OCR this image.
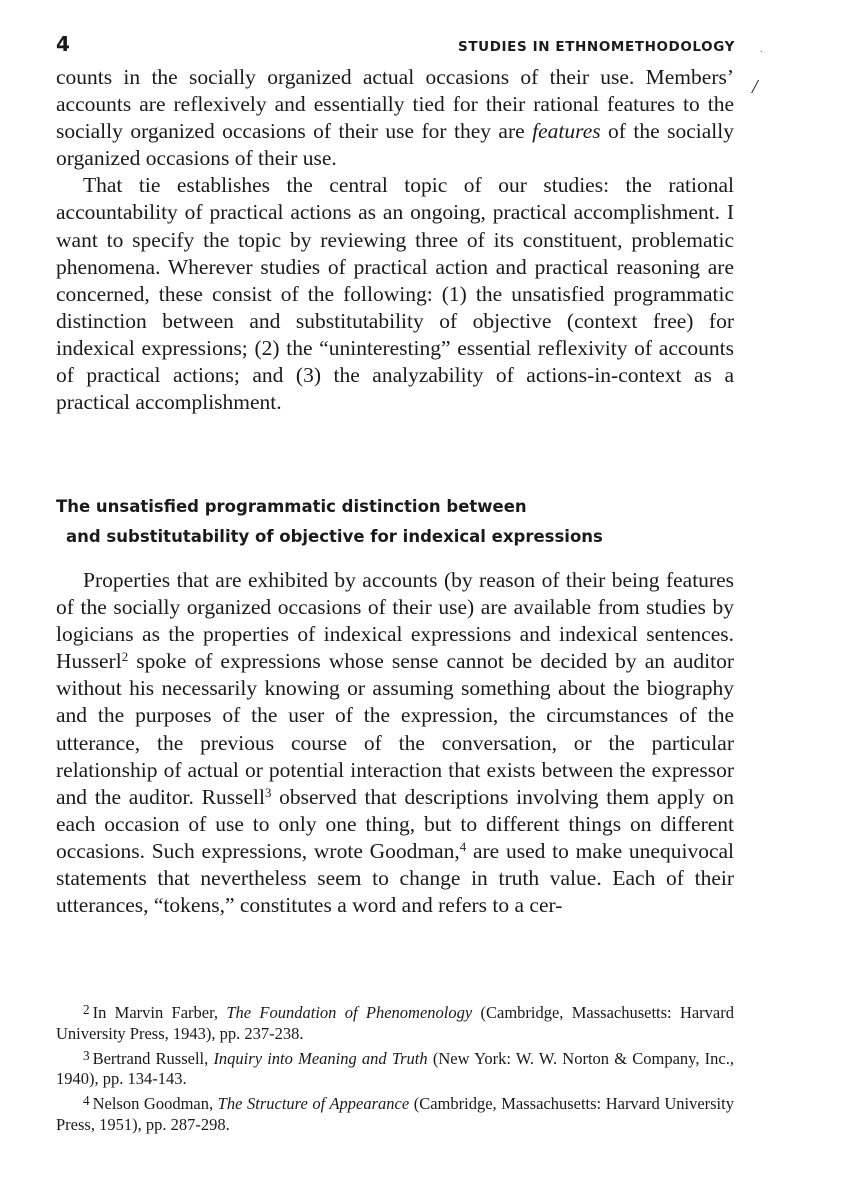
4	STUDIES IN ETHNOMETHODOLOGY	.
/

counts in the socially organized actual occasions of their use. Members’ accounts are reflexively and essentially tied for their rational features to the socially organized occasions of their use for they are features of the socially organized occasions of their use.

That tie establishes the central topic of our studies: the rational accountability of practical actions as an ongoing, practical accomplishment. I want to specify the topic by reviewing three of its constituent, problematic phenomena. Wherever studies of practical action and practical reasoning are concerned, these consist of the following: (1) the unsatisfied programmatic distinction between and substitutability of objective (context free) for indexical expressions; (2) the “uninteresting” essential reflexivity of accounts of practical actions; and (3) the analyzability of actions-in-context as a practical accomplishment.

The unsatisfied programmatic distinction between
and substitutability of objective for indexical expressions

Properties that are exhibited by accounts (by reason of their being features of the socially organized occasions of their use) are available from studies by logicians as the properties of indexical expressions and indexical sentences. Husserl$^2$ spoke of expressions whose sense cannot be decided by an auditor without his necessarily knowing or assuming something about the biography and the purposes of the user of the expression, the circumstances of the utterance, the previous course of the conversation, or the particular relationship of actual or potential interaction that exists between the expressor and the auditor. Russell$^3$ observed that descriptions involving them apply on each occasion of use to only one thing, but to different things on different occasions. Such expressions, wrote Goodman,$^4$ are used to make unequivocal statements that nevertheless seem to change in truth value. Each of their utterances, “tokens,” constitutes a word and refers to a cer-

$^2$ In Marvin Farber, The Foundation of Phenomenology (Cambridge, Massachusetts: Harvard University Press, 1943), pp. 237-238.

$^3$ Bertrand Russell, Inquiry into Meaning and Truth (New York: W. W. Norton & Company, Inc., 1940), pp. 134-143.

$^4$ Nelson Goodman, The Structure of Appearance (Cambridge, Massachusetts: Harvard University Press, 1951), pp. 287-298.
